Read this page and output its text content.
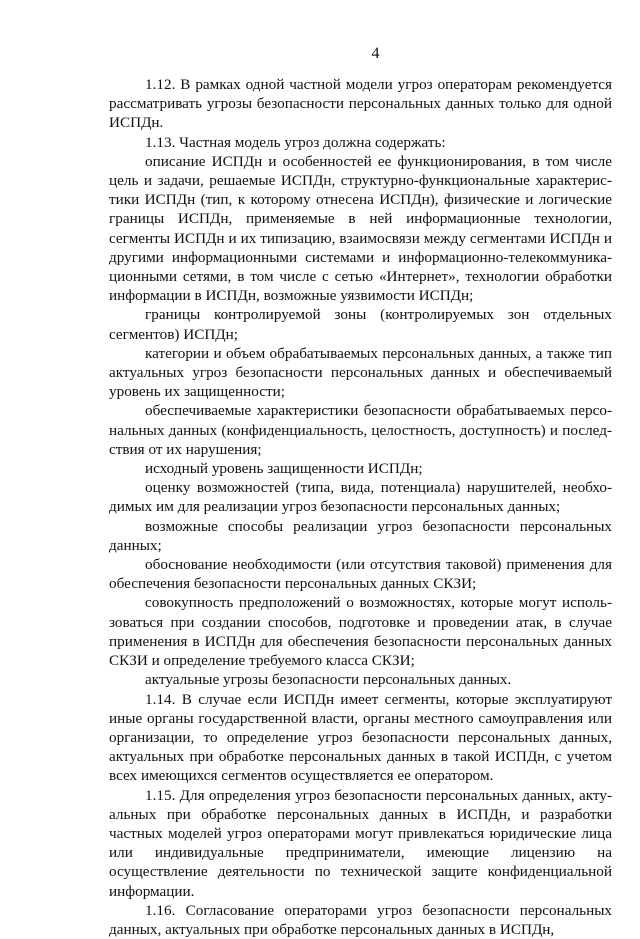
4

1.12. В рамках одной частной модели угроз операторам рекомендуется рассматривать угрозы безопасности персональных данных только для одной ИСПДн.

1.13. Частная модель угроз должна содержать:

описание ИСПДн и особенностей ее функционирования, в том числе цель и задачи, решаемые ИСПДн, структурно-функциональные характеристики ИСПДн (тип, к которому отнесена ИСПДн), физические и логические границы ИСПДн, применяемые в ней информационные технологии, сегменты ИСПДн и их типизацию, взаимосвязи между сегментами ИСПДн и другими информационными системами и информационно-телекоммуникационными сетями, в том числе с сетью «Интернет», технологии обработки информации в ИСПДн, возможные уязвимости ИСПДн;

границы контролируемой зоны (контролируемых зон отдельных сегментов) ИСПДн;

категории и объем обрабатываемых персональных данных, а также тип актуальных угроз безопасности персональных данных и обеспечиваемый уровень их защищенности;

обеспечиваемые характеристики безопасности обрабатываемых персональных данных (конфиденциальность, целостность, доступность) и последствия от их нарушения;

исходный уровень защищенности ИСПДн;

оценку возможностей (типа, вида, потенциала) нарушителей, необходимых им для реализации угроз безопасности персональных данных;

возможные способы реализации угроз безопасности персональных данных;

обоснование необходимости (или отсутствия таковой) применения для обеспечения безопасности персональных данных СКЗИ;

совокупность предположений о возможностях, которые могут использоваться при создании способов, подготовке и проведении атак, в случае применения в ИСПДн для обеспечения безопасности персональных данных СКЗИ и определение требуемого класса СКЗИ;

актуальные угрозы безопасности персональных данных.

1.14. В случае если ИСПДн имеет сегменты, которые эксплуатируют иные органы государственной власти, органы местного самоуправления или организации, то определение угроз безопасности персональных данных, актуальных при обработке персональных данных в такой ИСПДн, с учетом всех имеющихся сегментов осуществляется ее оператором.

1.15. Для определения угроз безопасности персональных данных, актуальных при обработке персональных данных в ИСПДн, и разработки частных моделей угроз операторами могут привлекаться юридические лица или индивидуальные предприниматели, имеющие лицензию на осуществление деятельности по технической защите конфиденциальной информации.

1.16. Согласование операторами угроз безопасности персональных данных, актуальных при обработке персональных данных в ИСПДн,
